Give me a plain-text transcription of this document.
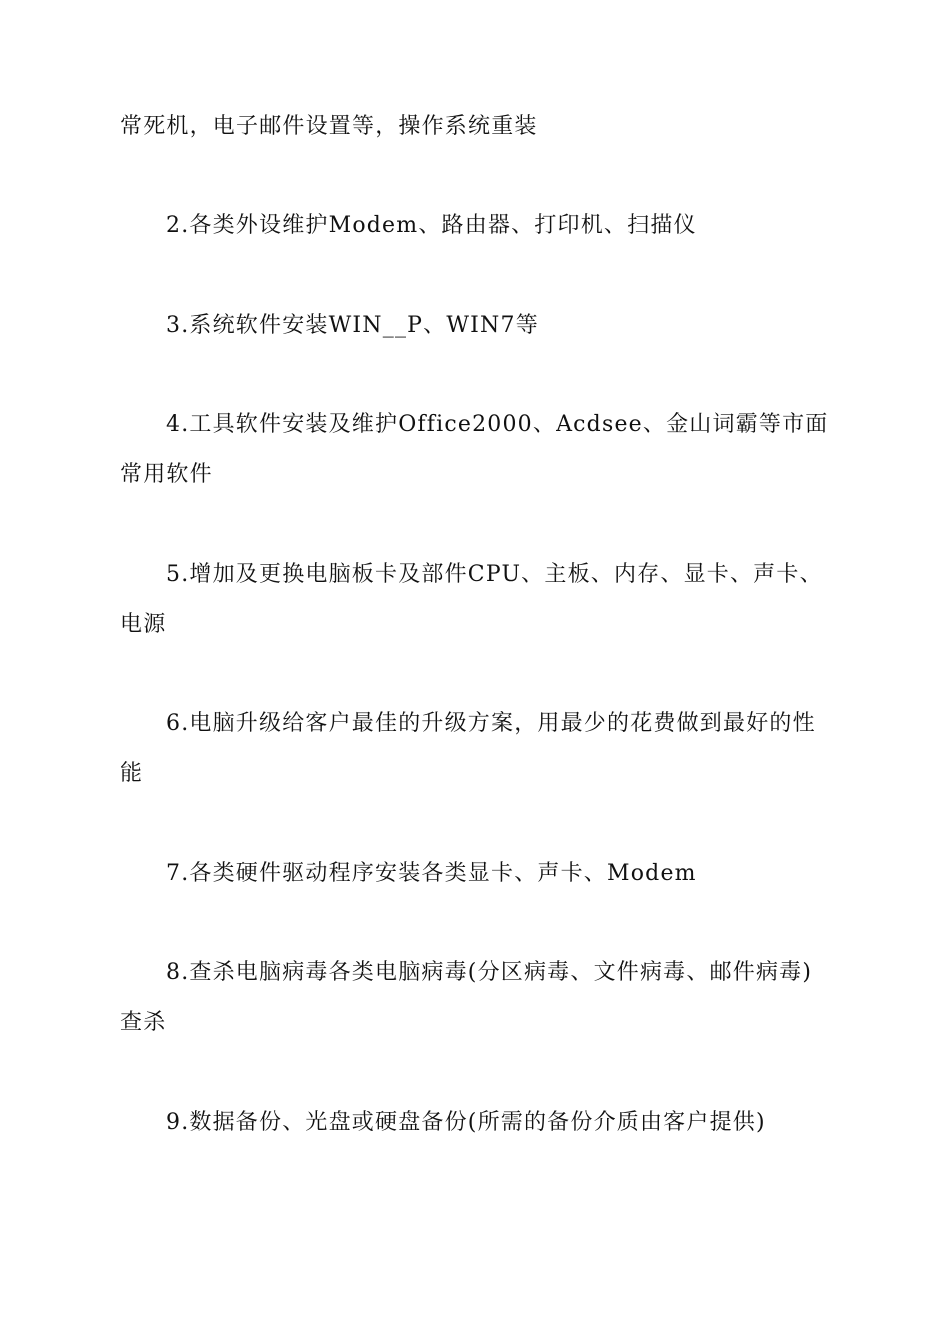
常死机，电子邮件设置等，操作系统重装

2.各类外设维护Modem、路由器、打印机、扫描仪

3.系统软件安装WIN__P、WIN7等

4.工具软件安装及维护Office2000、Acdsee、金山词霸等市面常用软件

5.增加及更换电脑板卡及部件CPU、主板、内存、显卡、声卡、电源

6.电脑升级给客户最佳的升级方案，用最少的花费做到最好的性能

7.各类硬件驱动程序安装各类显卡、声卡、Modem

8.查杀电脑病毒各类电脑病毒(分区病毒、文件病毒、邮件病毒)查杀

9.数据备份、光盘或硬盘备份(所需的备份介质由客户提供)
